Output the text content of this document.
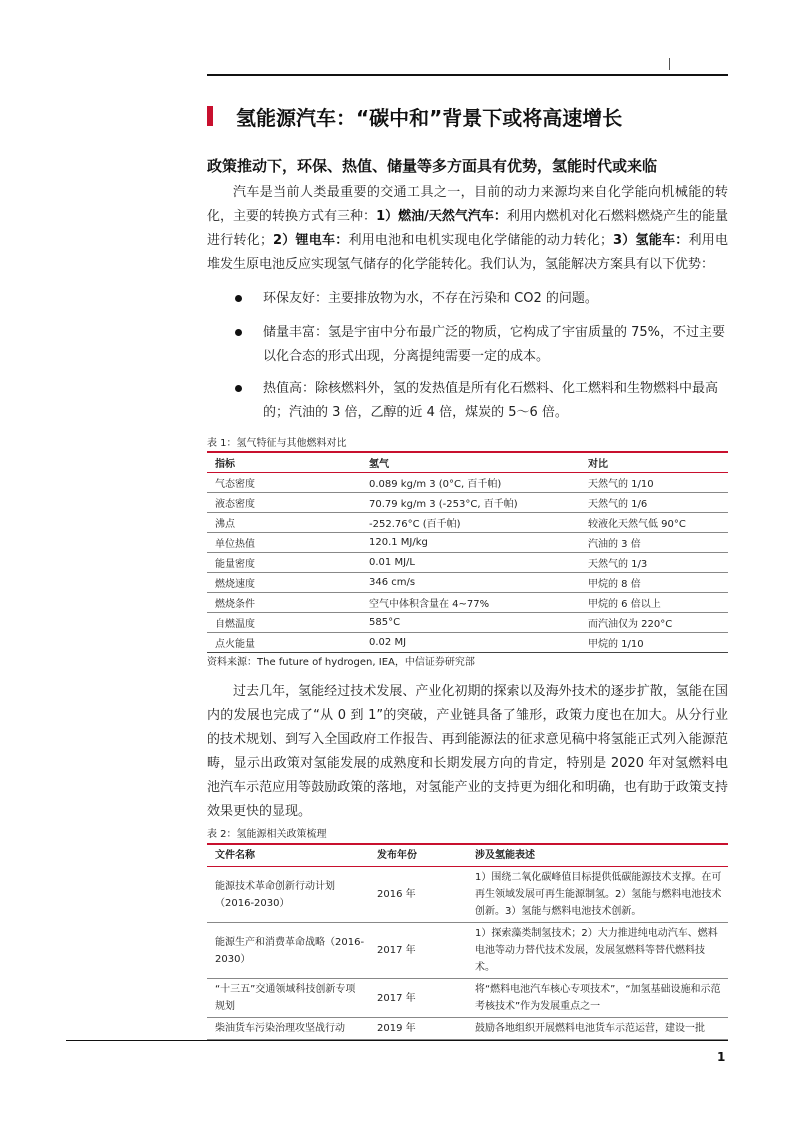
氢能源汽车：“碳中和”背景下或将高速增长
政策推动下，环保、热值、储量等多方面具有优势，氢能时代或来临

汽车是当前人类最重要的交通工具之一，目前的动力来源均来自化学能向机械能的转化，主要的转换方式有三种：1）燃油/天然气汽车：利用内燃机对化石燃料燃烧产生的能量进行转化；2）锂电车：利用电池和电机实现电化学储能的动力转化；3）氢能车：利用电堆发生原电池反应实现氢气储存的化学能转化。我们认为，氢能解决方案具有以下优势：

环保友好：主要排放物为水，不存在污染和 CO2 的问题。
储量丰富：氢是宇宙中分布最广泛的物质，它构成了宇宙质量的 75%，不过主要以化合态的形式出现，分离提纯需要一定的成本。
热值高：除核燃料外，氢的发热值是所有化石燃料、化工燃料和生物燃料中最高的；汽油的 3 倍，乙醇的近 4 倍，煤炭的 5～6 倍。
表 1：氢气特征与其他燃料对比
指标	氢气	对比
气态密度	0.089 kg/m 3 (0°C, 百千帕)	天然气的 1/10
液态密度	70.79 kg/m 3 (-253°C, 百千帕)	天然气的 1/6
沸点	-252.76°C (百千帕)	较液化天然气低 90°C
单位热值	120.1 MJ/kg	汽油的 3 倍
能量密度	0.01 MJ/L	天然气的 1/3
燃烧速度	346 cm/s	甲烷的 8 倍
燃烧条件	空气中体积含量在 4~77%	甲烷的 6 倍以上
自燃温度	585°C	而汽油仅为 220°C
点火能量	0.02 MJ	甲烷的 1/10
资料来源：The future of hydrogen, IEA，中信证券研究部

过去几年，氢能经过技术发展、产业化初期的探索以及海外技术的逐步扩散，氢能在国内的发展也完成了“从 0 到 1”的突破，产业链具备了雏形，政策力度也在加大。从分行业的技术规划、到写入全国政府工作报告、再到能源法的征求意见稿中将氢能正式列入能源范畴，显示出政策对氢能发展的成熟度和长期发展方向的肯定，特别是 2020 年对氢燃料电池汽车示范应用等鼓励政策的落地，对氢能产业的支持更为细化和明确，也有助于政策支持效果更快的显现。

表 2：氢能源相关政策梳理
文件名称	发布年份	涉及氢能表述
能源技术革命创新行动计划（2016-2030）	2016 年	1）围绕二氧化碳峰值目标提供低碳能源技术支撑。在可再生领域发展可再生能源制氢。2）氢能与燃料电池技术创新。3）氢能与燃料电池技术创新。
能源生产和消费革命战略（2016-2030）	2017 年	1）探索藻类制氢技术；2）大力推进纯电动汽车、燃料电池等动力替代技术发展，发展氢燃料等替代燃料技术。
“十三五”交通领域科技创新专项规划	2017 年	将“燃料电池汽车核心专项技术”，“加氢基础设施和示范考核技术”作为发展重点之一
柴油货车污染治理攻坚战行动	2019 年	鼓励各地组织开展燃料电池货车示范运营，建设一批
1
